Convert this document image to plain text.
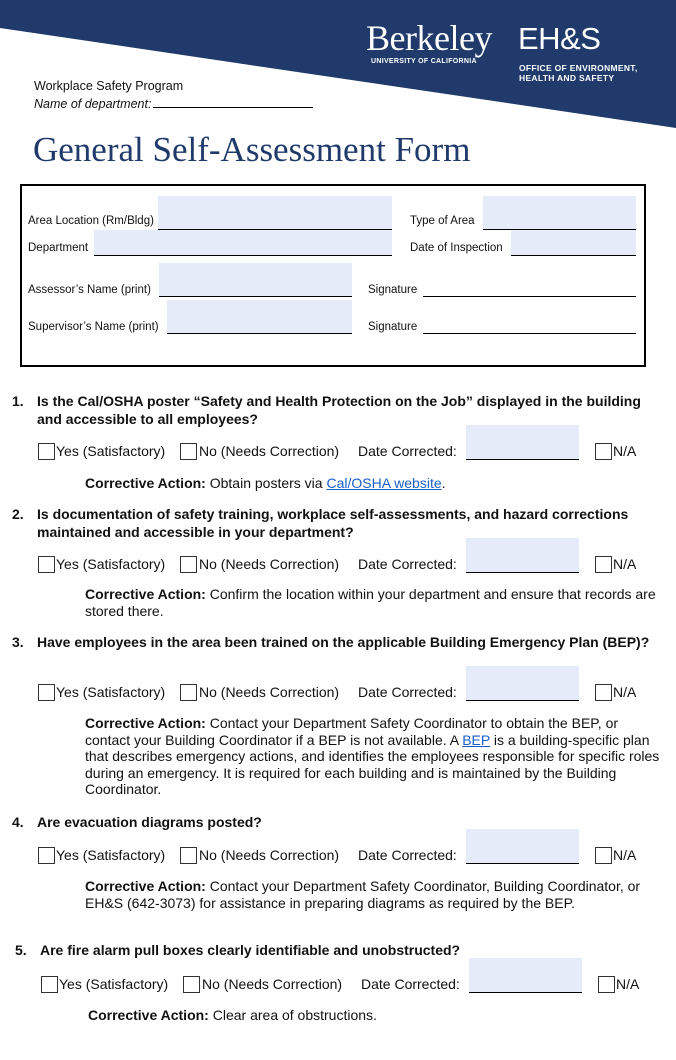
Berkeley EH&S
UNIVERSITY OF CALIFORNIA
OFFICE OF ENVIRONMENT,
HEALTH AND SAFETY
Workplace Safety Program
Name of department:
General Self-Assessment Form
Area Location (Rm/Bldg)	Type of Area
Department	Date of Inspection
Assessor’s Name (print)	Signature
Supervisor’s Name (print)	Signature
1. Is the Cal/OSHA poster “Safety and Health Protection on the Job” displayed in the building and accessible to all employees?
Yes (Satisfactory) No (Needs Correction) Date Corrected:	N/A
Corrective Action: Obtain posters via Cal/OSHA website.
2. Is documentation of safety training, workplace self-assessments, and hazard corrections maintained and accessible in your department?
Yes (Satisfactory) No (Needs Correction) Date Corrected:	N/A
Corrective Action: Confirm the location within your department and ensure that records are stored there.
3. Have employees in the area been trained on the applicable Building Emergency Plan (BEP)?
Yes (Satisfactory) No (Needs Correction) Date Corrected:	N/A
Corrective Action: Contact your Department Safety Coordinator to obtain the BEP, or contact your Building Coordinator if a BEP is not available. A BEP is a building-specific plan that describes emergency actions, and identifies the employees responsible for specific roles during an emergency. It is required for each building and is maintained by the Building Coordinator.
4. Are evacuation diagrams posted?
Yes (Satisfactory) No (Needs Correction) Date Corrected:	N/A
Corrective Action: Contact your Department Safety Coordinator, Building Coordinator, or EH&S (642-3073) for assistance in preparing diagrams as required by the BEP.
5. Are fire alarm pull boxes clearly identifiable and unobstructed?
Yes (Satisfactory) No (Needs Correction) Date Corrected:	N/A
Corrective Action: Clear area of obstructions.
